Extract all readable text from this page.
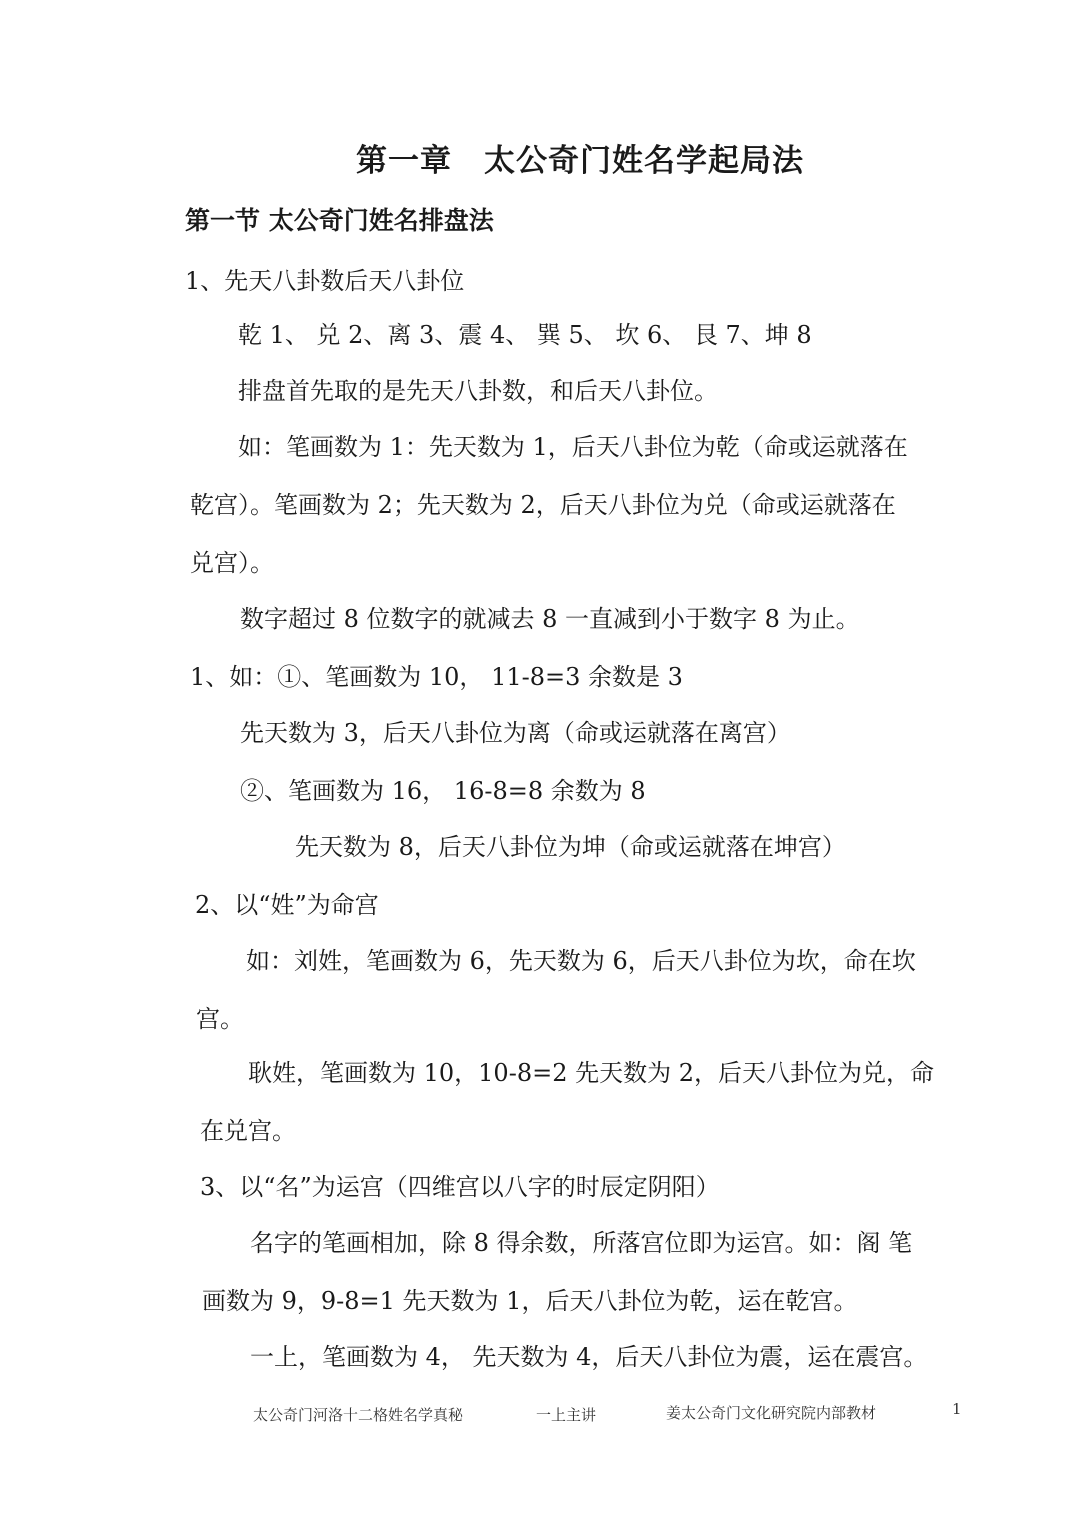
第一章　太公奇门姓名学起局法
第一节 太公奇门姓名排盘法
1、先天八卦数后天八卦位
乾 1、 兑 2、离 3、震 4、 巽 5、 坎 6、 艮 7、坤 8
排盘首先取的是先天八卦数，和后天八卦位。
如：笔画数为 1：先天数为 1，后天八卦位为乾（命或运就落在
乾宫）。笔画数为 2；先天数为 2，后天八卦位为兑（命或运就落在
兑宫）。
数字超过 8 位数字的就减去 8 一直减到小于数字 8 为止。
1、如：①、笔画数为 10， 11-8=3 余数是 3
先天数为 3，后天八卦位为离（命或运就落在离宫）
②、笔画数为 16， 16-8=8 余数为 8
先天数为 8，后天八卦位为坤（命或运就落在坤宫）
2、以“姓”为命宫
如：刘姓，笔画数为 6，先天数为 6，后天八卦位为坎，命在坎
宫。
耿姓，笔画数为 10，10-8=2 先天数为 2，后天八卦位为兑，命
在兑宫。
3、以“名”为运宫（四维宫以八字的时辰定阴阳）
名字的笔画相加，除 8 得余数，所落宫位即为运宫。如：阁 笔
画数为 9，9-8=1 先天数为 1，后天八卦位为乾，运在乾宫。
一上，笔画数为 4， 先天数为 4，后天八卦位为震，运在震宫。
太公奇门河洛十二格姓名学真秘	一上主讲	姜太公奇门文化研究院内部教材	1
